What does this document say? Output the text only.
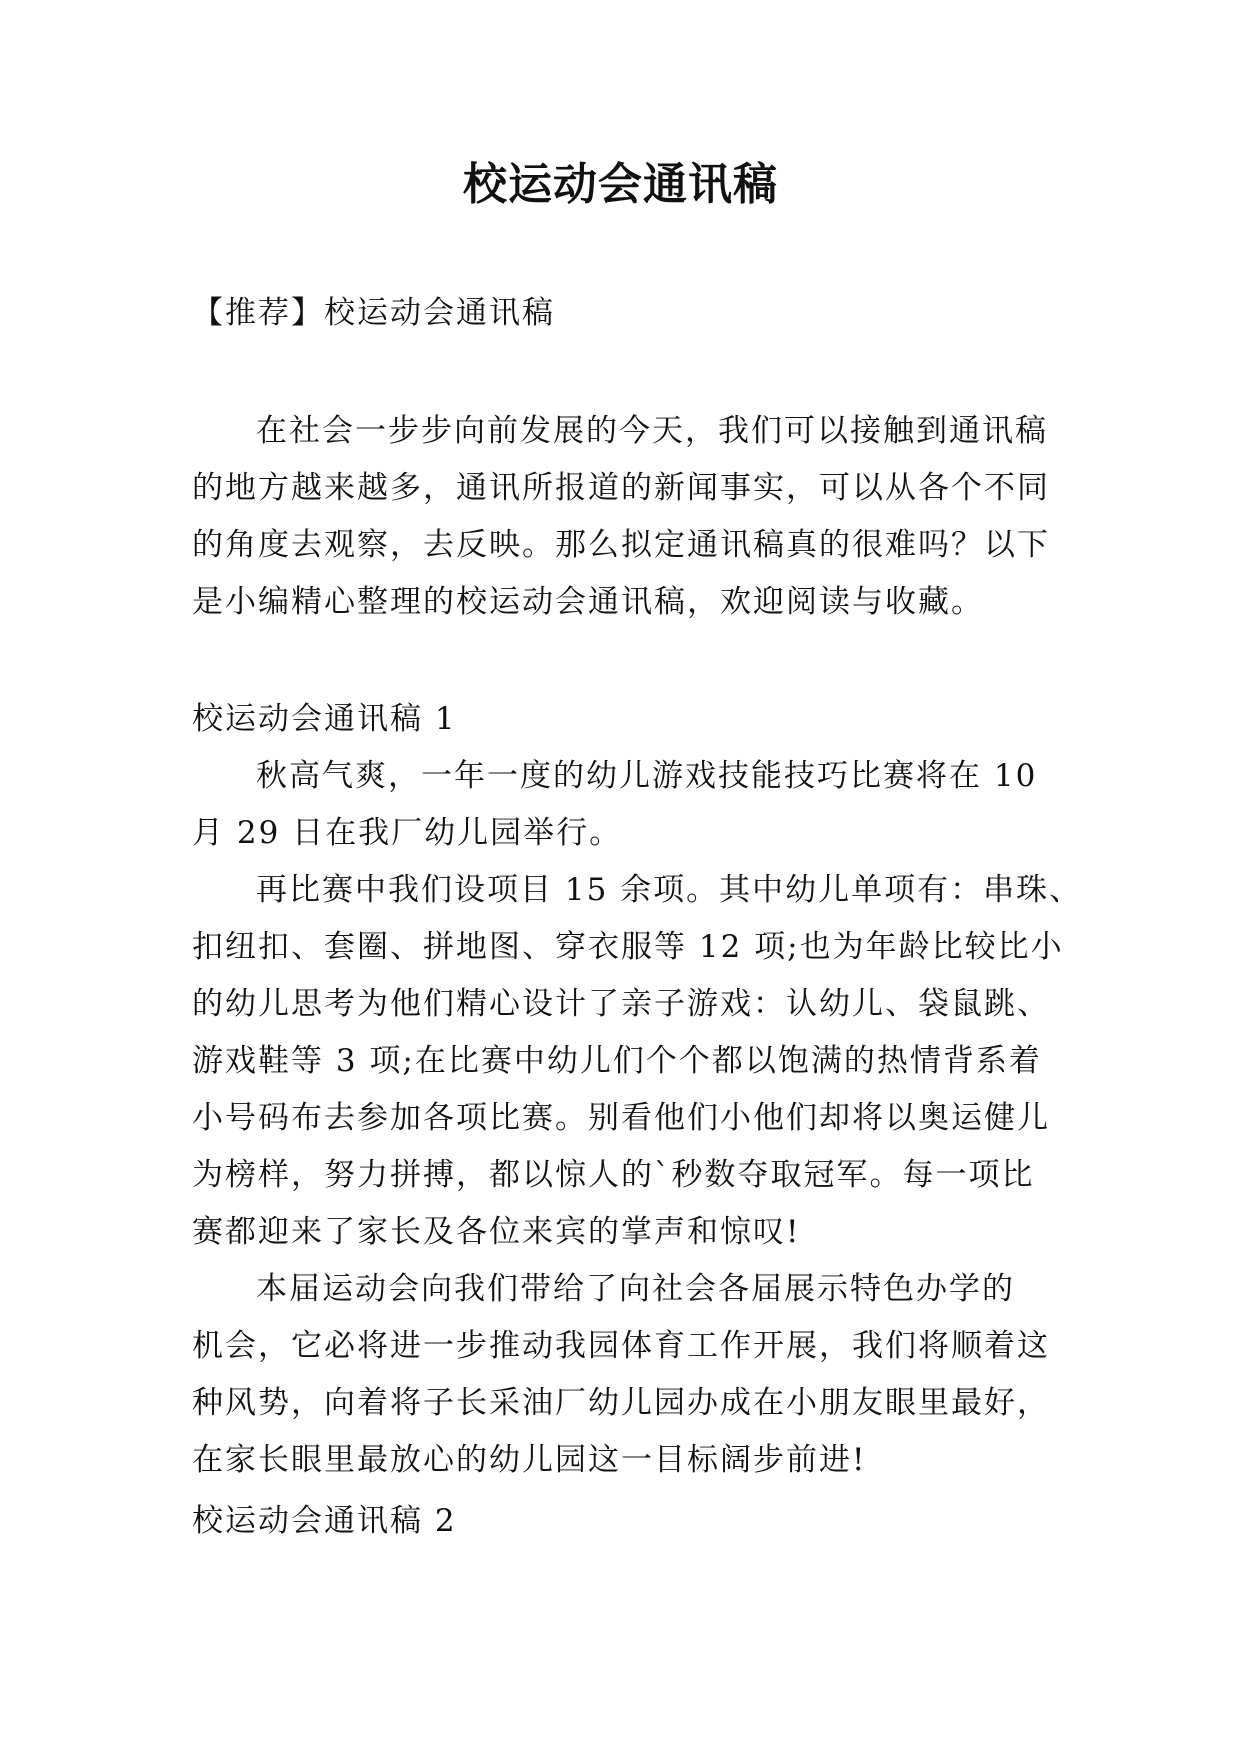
校运动会通讯稿
【推荐】校运动会通讯稿
在社会一步步向前发展的今天，我们可以接触到通讯稿
的地方越来越多，通讯所报道的新闻事实，可以从各个不同
的角度去观察，去反映。那么拟定通讯稿真的很难吗？以下
是小编精心整理的校运动会通讯稿，欢迎阅读与收藏。
校运动会通讯稿 1
秋高气爽，一年一度的幼儿游戏技能技巧比赛将在 10
月 29 日在我厂幼儿园举行。
再比赛中我们设项目 15 余项。其中幼儿单项有：串珠、
扣纽扣、套圈、拼地图、穿衣服等 12 项;也为年龄比较比小
的幼儿思考为他们精心设计了亲子游戏：认幼儿、袋鼠跳、
游戏鞋等 3 项;在比赛中幼儿们个个都以饱满的热情背系着
小号码布去参加各项比赛。别看他们小他们却将以奥运健儿
为榜样，努力拼搏，都以惊人的`秒数夺取冠军。每一项比
赛都迎来了家长及各位来宾的掌声和惊叹!
本届运动会向我们带给了向社会各届展示特色办学的
机会，它必将进一步推动我园体育工作开展，我们将顺着这
种风势，向着将子长采油厂幼儿园办成在小朋友眼里最好，
在家长眼里最放心的幼儿园这一目标阔步前进!
校运动会通讯稿 2
